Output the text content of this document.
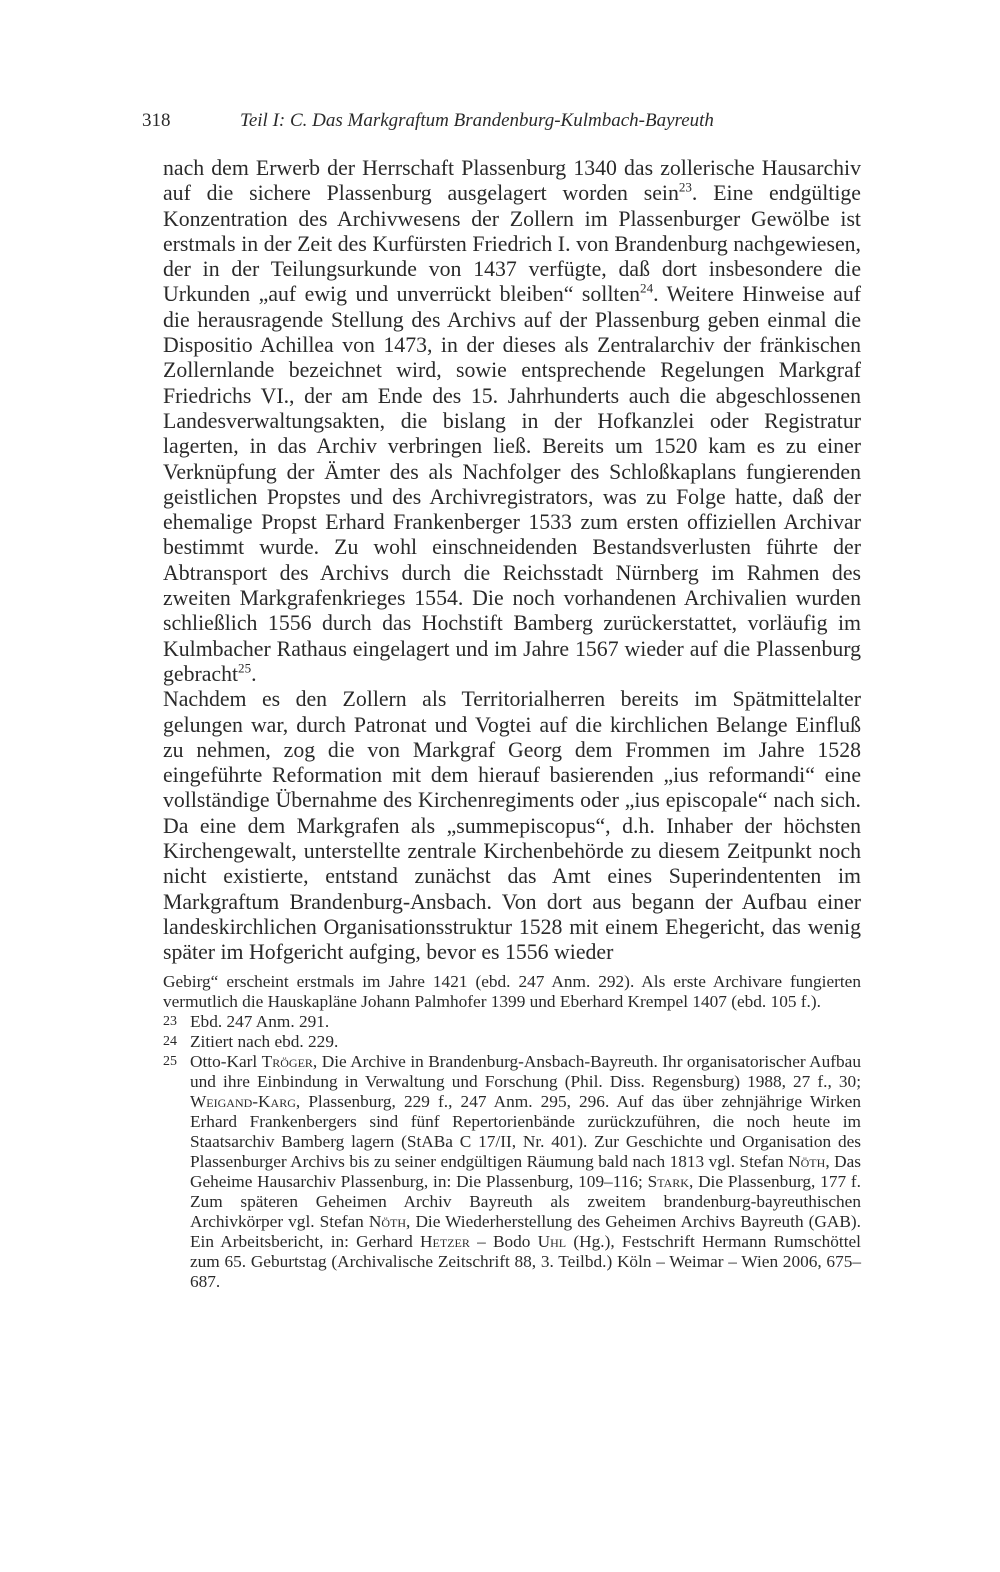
318	Teil I: C. Das Markgraftum Brandenburg-Kulmbach-Bayreuth

nach dem Erwerb der Herrschaft Plassenburg 1340 das zollerische Hausarchiv auf die sichere Plassenburg ausgelagert worden sein$^{23}$. Eine endgültige Konzentration des Archivwesens der Zollern im Plassenburger Gewölbe ist erstmals in der Zeit des Kurfürsten Friedrich I. von Brandenburg nachgewiesen, der in der Teilungsurkunde von 1437 verfügte, daß dort insbesondere die Urkunden „auf ewig und unverrückt bleiben“ sollten$^{24}$. Weitere Hinweise auf die herausragende Stellung des Archivs auf der Plassenburg geben einmal die Dispositio Achillea von 1473, in der dieses als Zentralarchiv der fränkischen Zollernlande bezeichnet wird, sowie entsprechende Regelungen Markgraf Friedrichs VI., der am Ende des 15. Jahrhunderts auch die abgeschlossenen Landesverwaltungsakten, die bislang in der Hofkanzlei oder Registratur lagerten, in das Archiv verbringen ließ. Bereits um 1520 kam es zu einer Verknüpfung der Ämter des als Nachfolger des Schloßkaplans fungierenden geistlichen Propstes und des Archivregistrators, was zu Folge hatte, daß der ehemalige Propst Erhard Frankenberger 1533 zum ersten offiziellen Archivar bestimmt wurde. Zu wohl einschneidenden Bestandsverlusten führte der Abtransport des Archivs durch die Reichsstadt Nürnberg im Rahmen des zweiten Markgrafenkrieges 1554. Die noch vorhandenen Archivalien wurden schließlich 1556 durch das Hochstift Bamberg zurückerstattet, vorläufig im Kulmbacher Rathaus eingelagert und im Jahre 1567 wieder auf die Plassenburg gebracht$^{25}$.

Nachdem es den Zollern als Territorialherren bereits im Spätmittelalter gelungen war, durch Patronat und Vogtei auf die kirchlichen Belange Einfluß zu nehmen, zog die von Markgraf Georg dem Frommen im Jahre 1528 eingeführte Reformation mit dem hierauf basierenden „ius reformandi“ eine vollständige Übernahme des Kirchenregiments oder „ius episcopale“ nach sich. Da eine dem Markgrafen als „summepiscopus“, d.h. Inhaber der höchsten Kirchengewalt, unterstellte zentrale Kirchenbehörde zu diesem Zeitpunkt noch nicht existierte, entstand zunächst das Amt eines Superindententen im Markgraftum Brandenburg-Ansbach. Von dort aus begann der Aufbau einer landeskirchlichen Organisationsstruktur 1528 mit einem Ehegericht, das wenig später im Hofgericht aufging, bevor es 1556 wieder

Gebirg“ erscheint erstmals im Jahre 1421 (ebd. 247 Anm. 292). Als erste Archivare fungierten vermutlich die Hauskapläne Johann Palmhofer 1399 und Eberhard Krempel 1407 (ebd. 105 f.).

23 Ebd. 247 Anm. 291.

24 Zitiert nach ebd. 229.

25 Otto-Karl Tröger, Die Archive in Brandenburg-Ansbach-Bayreuth. Ihr organisatorischer Aufbau und ihre Einbindung in Verwaltung und Forschung (Phil. Diss. Regensburg) 1988, 27 f., 30; Weigand-Karg, Plassenburg, 229 f., 247 Anm. 295, 296. Auf das über zehnjährige Wirken Erhard Frankenbergers sind fünf Repertorienbände zurückzuführen, die noch heute im Staatsarchiv Bamberg lagern (StABa C 17/II, Nr. 401). Zur Geschichte und Organisation des Plassenburger Archivs bis zu seiner endgültigen Räumung bald nach 1813 vgl. Stefan Nöth, Das Geheime Hausarchiv Plassenburg, in: Die Plassenburg, 109–116; Stark, Die Plassenburg, 177 f. Zum späteren Geheimen Archiv Bayreuth als zweitem brandenburg-bayreuthischen Archivkörper vgl. Stefan Nöth, Die Wiederherstellung des Geheimen Archivs Bayreuth (GAB). Ein Arbeitsbericht, in: Gerhard Hetzer – Bodo Uhl (Hg.), Festschrift Hermann Rumschöttel zum 65. Geburtstag (Archivalische Zeitschrift 88, 3. Teilbd.) Köln – Weimar – Wien 2006, 675–687.
